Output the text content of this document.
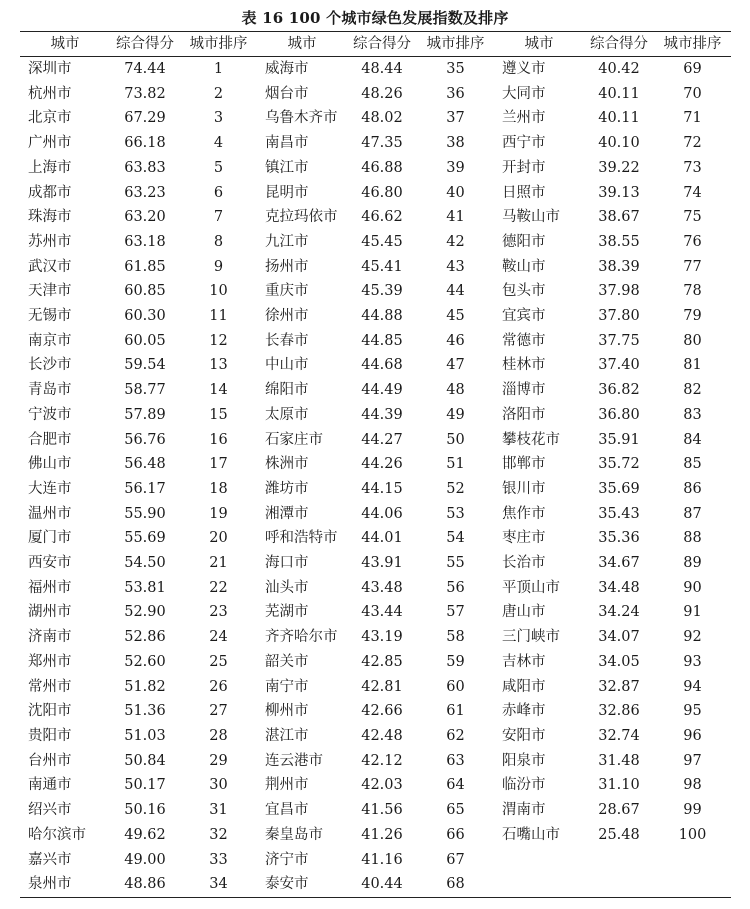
表 16 100 个城市绿色发展指数及排序
城市	综合得分	城市排序	城市	综合得分	城市排序	城市	综合得分	城市排序
深圳市	74.44	1	威海市	48.44	35	遵义市	40.42	69
杭州市	73.82	2	烟台市	48.26	36	大同市	40.11	70
北京市	67.29	3	乌鲁木齐市	48.02	37	兰州市	40.11	71
广州市	66.18	4	南昌市	47.35	38	西宁市	40.10	72
上海市	63.83	5	镇江市	46.88	39	开封市	39.22	73
成都市	63.23	6	昆明市	46.80	40	日照市	39.13	74
珠海市	63.20	7	克拉玛依市	46.62	41	马鞍山市	38.67	75
苏州市	63.18	8	九江市	45.45	42	德阳市	38.55	76
武汉市	61.85	9	扬州市	45.41	43	鞍山市	38.39	77
天津市	60.85	10	重庆市	45.39	44	包头市	37.98	78
无锡市	60.30	11	徐州市	44.88	45	宜宾市	37.80	79
南京市	60.05	12	长春市	44.85	46	常德市	37.75	80
长沙市	59.54	13	中山市	44.68	47	桂林市	37.40	81
青岛市	58.77	14	绵阳市	44.49	48	淄博市	36.82	82
宁波市	57.89	15	太原市	44.39	49	洛阳市	36.80	83
合肥市	56.76	16	石家庄市	44.27	50	攀枝花市	35.91	84
佛山市	56.48	17	株洲市	44.26	51	邯郸市	35.72	85
大连市	56.17	18	潍坊市	44.15	52	银川市	35.69	86
温州市	55.90	19	湘潭市	44.06	53	焦作市	35.43	87
厦门市	55.69	20	呼和浩特市	44.01	54	枣庄市	35.36	88
西安市	54.50	21	海口市	43.91	55	长治市	34.67	89
福州市	53.81	22	汕头市	43.48	56	平顶山市	34.48	90
湖州市	52.90	23	芜湖市	43.44	57	唐山市	34.24	91
济南市	52.86	24	齐齐哈尔市	43.19	58	三门峡市	34.07	92
郑州市	52.60	25	韶关市	42.85	59	吉林市	34.05	93
常州市	51.82	26	南宁市	42.81	60	咸阳市	32.87	94
沈阳市	51.36	27	柳州市	42.66	61	赤峰市	32.86	95
贵阳市	51.03	28	湛江市	42.48	62	安阳市	32.74	96
台州市	50.84	29	连云港市	42.12	63	阳泉市	31.48	97
南通市	50.17	30	荆州市	42.03	64	临汾市	31.10	98
绍兴市	50.16	31	宜昌市	41.56	65	渭南市	28.67	99
哈尔滨市	49.62	32	秦皇岛市	41.26	66	石嘴山市	25.48	100
嘉兴市	49.00	33	济宁市	41.16	67			
泉州市	48.86	34	泰安市	40.44	68			
